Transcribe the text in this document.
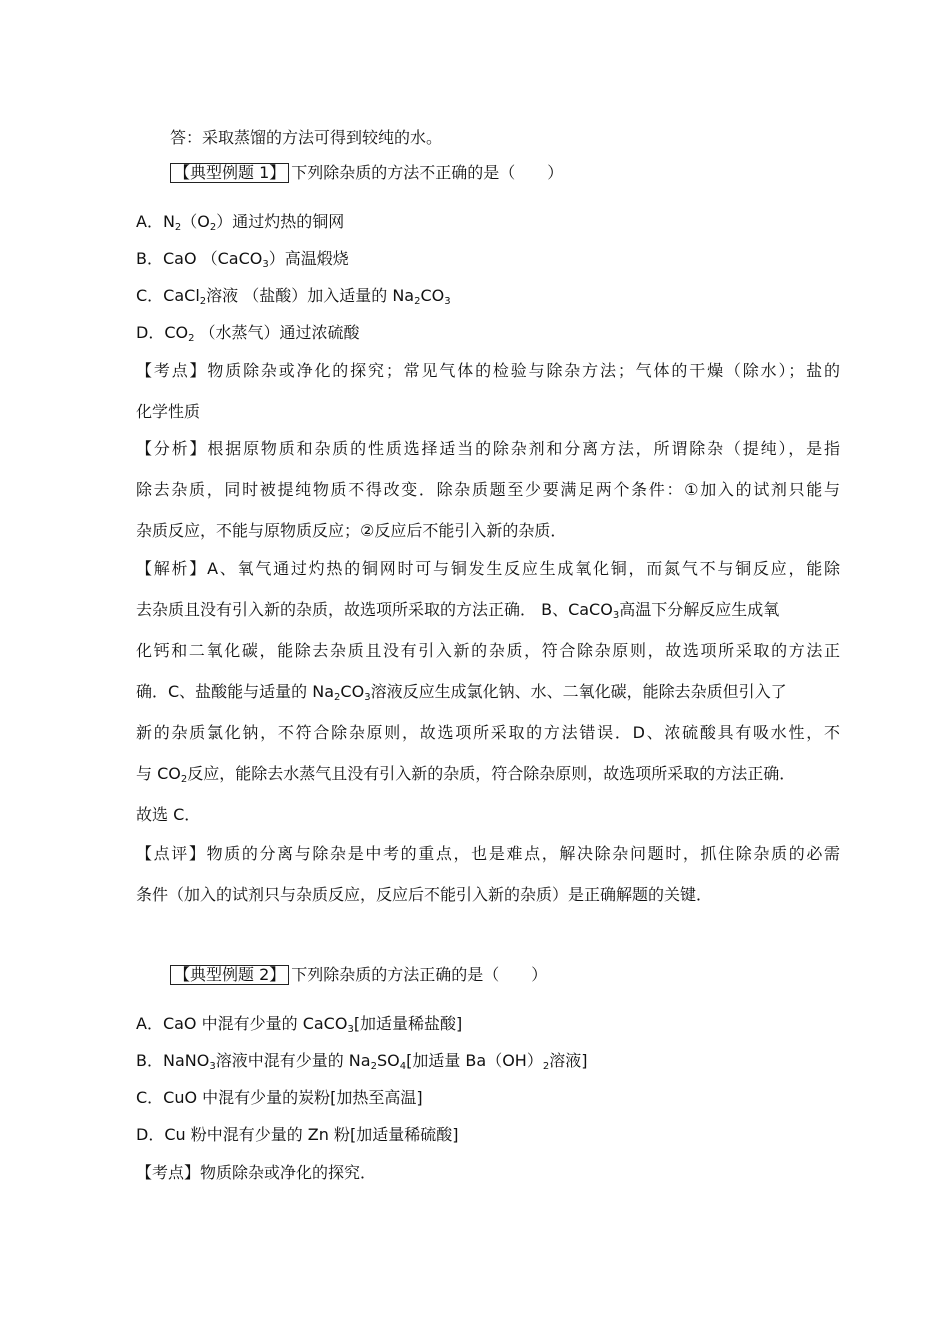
答：采取蒸馏的方法可得到较纯的水。
【典型例题 1】 下列除杂质的方法不正确的是（　　）
A．$N_2(O_2)$通过灼热的铜网
B．CaO （CaCO$_3$）高温煅烧
C．CaCl$_2$溶液 （盐酸）加入适量的 $Na_2CO_3$
D．$CO_2$ （水蒸气）通过浓硫酸
【考点】物质除杂或净化的探究；常见气体的检验与除杂方法；气体的干燥（除水）；盐的
化学性质
【分析】根据原物质和杂质的性质选择适当的除杂剂和分离方法，所谓除杂（提纯），是指
除去杂质，同时被提纯物质不得改变．除杂质题至少要满足两个条件：①加入的试剂只能与
杂质反应，不能与原物质反应；②反应后不能引入新的杂质．
【解析】A、氧气通过灼热的铜网时可与铜发生反应生成氧化铜，而氮气不与铜反应，能除
去杂质且没有引入新的杂质，故选项所采取的方法正确． B、CaCO$_3$高温下分解反应生成氧
化钙和二氧化碳，能除去杂质且没有引入新的杂质，符合除杂原则，故选项所采取的方法正
确．C、盐酸能与适量的 $Na_2CO_3$溶液反应生成氯化钠、水、二氧化碳，能除去杂质但引入了
新的杂质氯化钠，不符合除杂原则，故选项所采取的方法错误．D、浓硫酸具有吸水性，不
与 $CO_2$反应，能除去水蒸气且没有引入新的杂质，符合除杂原则，故选项所采取的方法正确．
故选 C．
【点评】物质的分离与除杂是中考的重点，也是难点，解决除杂问题时，抓住除杂质的必需
条件（加入的试剂只与杂质反应，反应后不能引入新的杂质）是正确解题的关键．
【典型例题 2】 下列除杂质的方法正确的是（　　）
A．CaO 中混有少量的 CaCO$_3$[加适量稀盐酸]
B．NaNO$_3$溶液中混有少量的 $Na_2SO_4$[加适量 $Ba(OH)_2$溶液]
C．CuO 中混有少量的炭粉[加热至高温]
D．Cu 粉中混有少量的 Zn 粉[加适量稀硫酸]
【考点】物质除杂或净化的探究．
